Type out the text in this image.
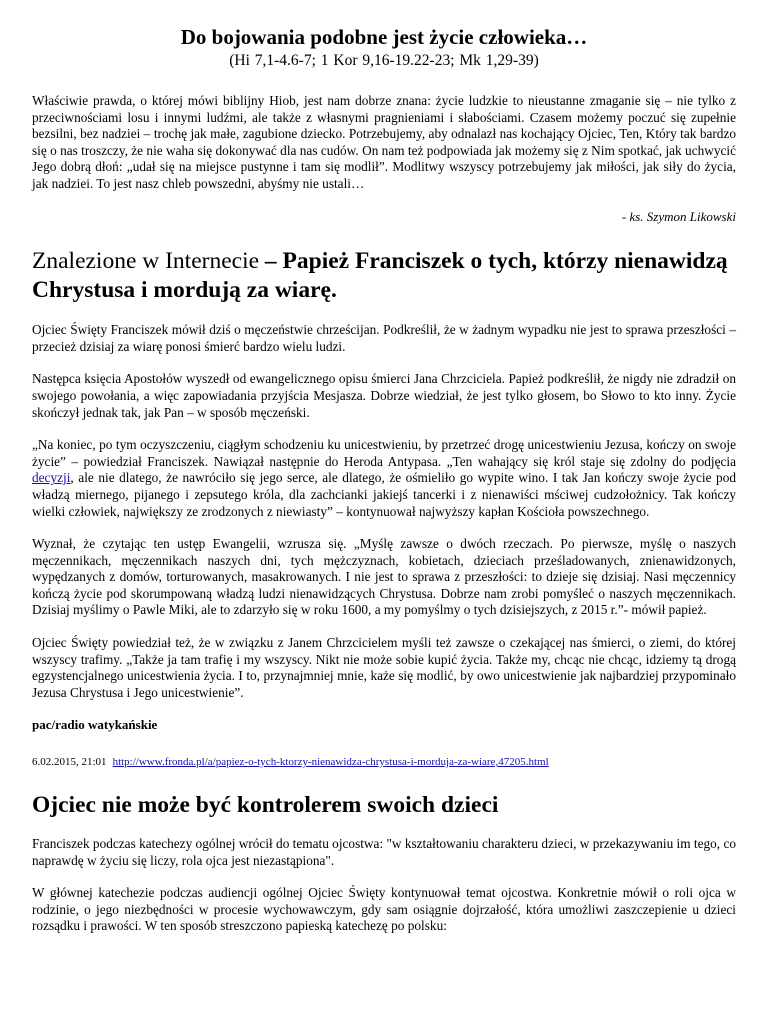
Do bojowania podobne jest życie człowieka…
(Hi 7,1-4.6-7; 1 Kor 9,16-19.22-23; Mk 1,29-39)

Właściwie prawda, o której mówi biblijny Hiob, jest nam dobrze znana: życie ludzkie to nieustanne zmaganie się – nie tylko z przeciwnościami losu i innymi ludźmi, ale także z własnymi pragnieniami i słabościami. Czasem możemy poczuć się zupełnie bezsilni, bez nadziei – trochę jak małe, zagubione dziecko. Potrzebujemy, aby odnalazł nas kochający Ojciec, Ten, Który tak bardzo się o nas troszczy, że nie waha się dokonywać dla nas cudów. On nam też podpowiada jak możemy się z Nim spotkać, jak uchwycić Jego dobrą dłoń: „udał się na miejsce pustynne i tam się modlił”. Modlitwy wszyscy potrzebujemy jak miłości, jak siły do życia, jak nadziei. To jest nasz chleb powszedni, abyśmy nie ustali…

- ks. Szymon Likowski

Znalezione w Internecie – Papież Franciszek o tych, którzy nienawidzą Chrystusa i mordują za wiarę.

Ojciec Święty Franciszek mówił dziś o męczeństwie chrześcijan. Podkreślił, że w żadnym wypadku nie jest to sprawa przeszłości – przecież dzisiaj za wiarę ponosi śmierć bardzo wielu ludzi.

Następca księcia Apostołów wyszedł od ewangelicznego opisu śmierci Jana Chrzciciela. Papież podkreślił, że nigdy nie zdradził on swojego powołania, a więc zapowiadania przyjścia Mesjasza. Dobrze wiedział, że jest tylko głosem, bo Słowo to kto inny. Życie skończył jednak tak, jak Pan – w sposób męczeński.

„Na koniec, po tym oczyszczeniu, ciągłym schodzeniu ku unicestwieniu, by przetrzeć drogę unicestwieniu Jezusa, kończy on swoje życie” – powiedział Franciszek. Nawiązał następnie do Heroda Antypasa. „Ten wahający się król staje się zdolny do podjęcia decyzji, ale nie dlatego, że nawróciło się jego serce, ale dlatego, że ośmieliło go wypite wino. I tak Jan kończy swoje życie pod władzą miernego, pijanego i zepsutego króla, dla zachcianki jakiejś tancerki i z nienawiści mściwej cudzołożnicy. Tak kończy wielki człowiek, największy ze zrodzonych z niewiasty” – kontynuował najwyższy kapłan Kościoła powszechnego.

Wyznał, że czytając ten ustęp Ewangelii, wzrusza się. „Myślę zawsze o dwóch rzeczach. Po pierwsze, myślę o naszych męczennikach, męczennikach naszych dni, tych mężczyznach, kobietach, dzieciach prześladowanych, znienawidzonych, wypędzanych z domów, torturowanych, masakrowanych. I nie jest to sprawa z przeszłości: to dzieje się dzisiaj. Nasi męczennicy kończą życie pod skorumpowaną władzą ludzi nienawidzących Chrystusa. Dobrze nam zrobi pomyśleć o naszych męczennikach. Dzisiaj myślimy o Pawle Miki, ale to zdarzyło się w roku 1600, a my pomyślmy o tych dzisiejszych, z 2015 r.”- mówił papież.

Ojciec Święty powiedział też, że w związku z Janem Chrzcicielem myśli też zawsze o czekającej nas śmierci, o ziemi, do której wszyscy trafimy. „Także ja tam trafię i my wszyscy. Nikt nie może sobie kupić życia. Także my, chcąc nie chcąc, idziemy tą drogą egzystencjalnego unicestwienia życia. I to, przynajmniej mnie, każe się modlić, by owo unicestwienie jak najbardziej przypominało Jezusa Chrystusa i Jego unicestwienie”.

pac/radio watykańskie

6.02.2015, 21:01 http://www.fronda.pl/a/papiez-o-tych-ktorzy-nienawidza-chrystusa-i-morduja-za-wiare,47205.html

Ojciec nie może być kontrolerem swoich dzieci

Franciszek podczas katechezy ogólnej wrócił do tematu ojcostwa: "w kształtowaniu charakteru dzieci, w przekazywaniu im tego, co naprawdę w życiu się liczy, rola ojca jest niezastąpiona".

W głównej katechezie podczas audiencji ogólnej Ojciec Święty kontynuował temat ojcostwa. Konkretnie mówił o roli ojca w rodzinie, o jego niezbędności w procesie wychowawczym, gdy sam osiągnie dojrzałość, która umożliwi zaszczepienie u dzieci rozsądku i prawości. W ten sposób streszczono papieską katechezę po polsku:
